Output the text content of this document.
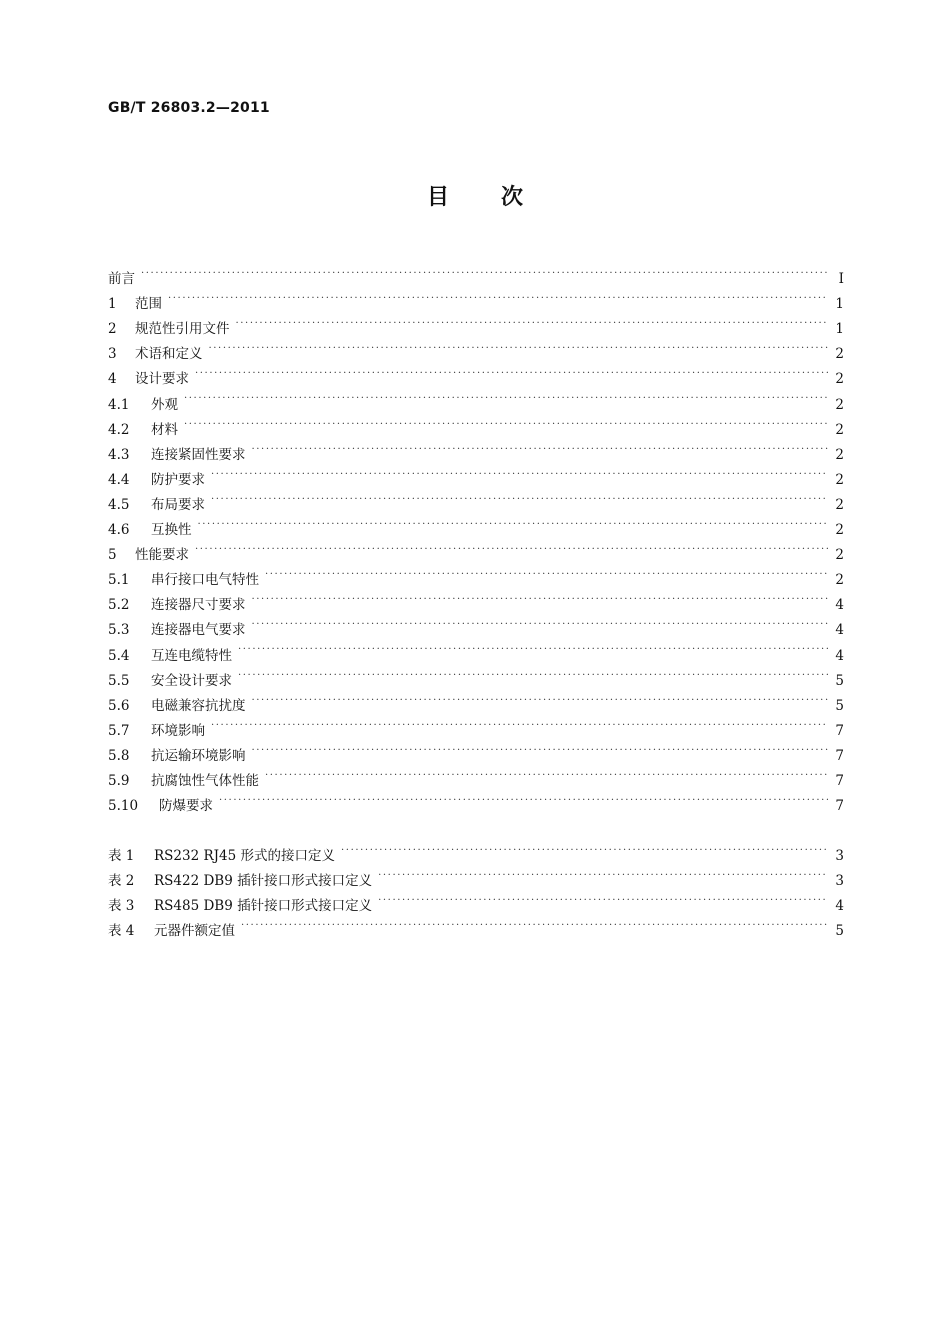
GB/T 26803.2—2011
目 次
前言 .....	Ⅰ
1	范围 .....	1
2	规范性引用文件 .....	1
3	术语和定义 .....	2
4	设计要求 .....	2
4.1	外观 .....	2
4.2	材料 .....	2
4.3	连接紧固性要求 .....	2
4.4	防护要求 .....	2
4.5	布局要求 .....	2
4.6	互换性 .....	2
5	性能要求 .....	2
5.1	串行接口电气特性 .....	2
5.2	连接器尺寸要求 .....	4
5.3	连接器电气要求 .....	4
5.4	互连电缆特性 .....	4
5.5	安全设计要求 .....	5
5.6	电磁兼容抗扰度 .....	5
5.7	环境影响 .....	7
5.8	抗运输环境影响 .....	7
5.9	抗腐蚀性气体性能 .....	7
5.10	防爆要求 .....	7
表 1	RS232 RJ45 形式的接口定义 .....	3
表 2	RS422 DB9 插针接口形式接口定义 .....	3
表 3	RS485 DB9 插针接口形式接口定义 .....	4
表 4	元器件额定值 .....	5
